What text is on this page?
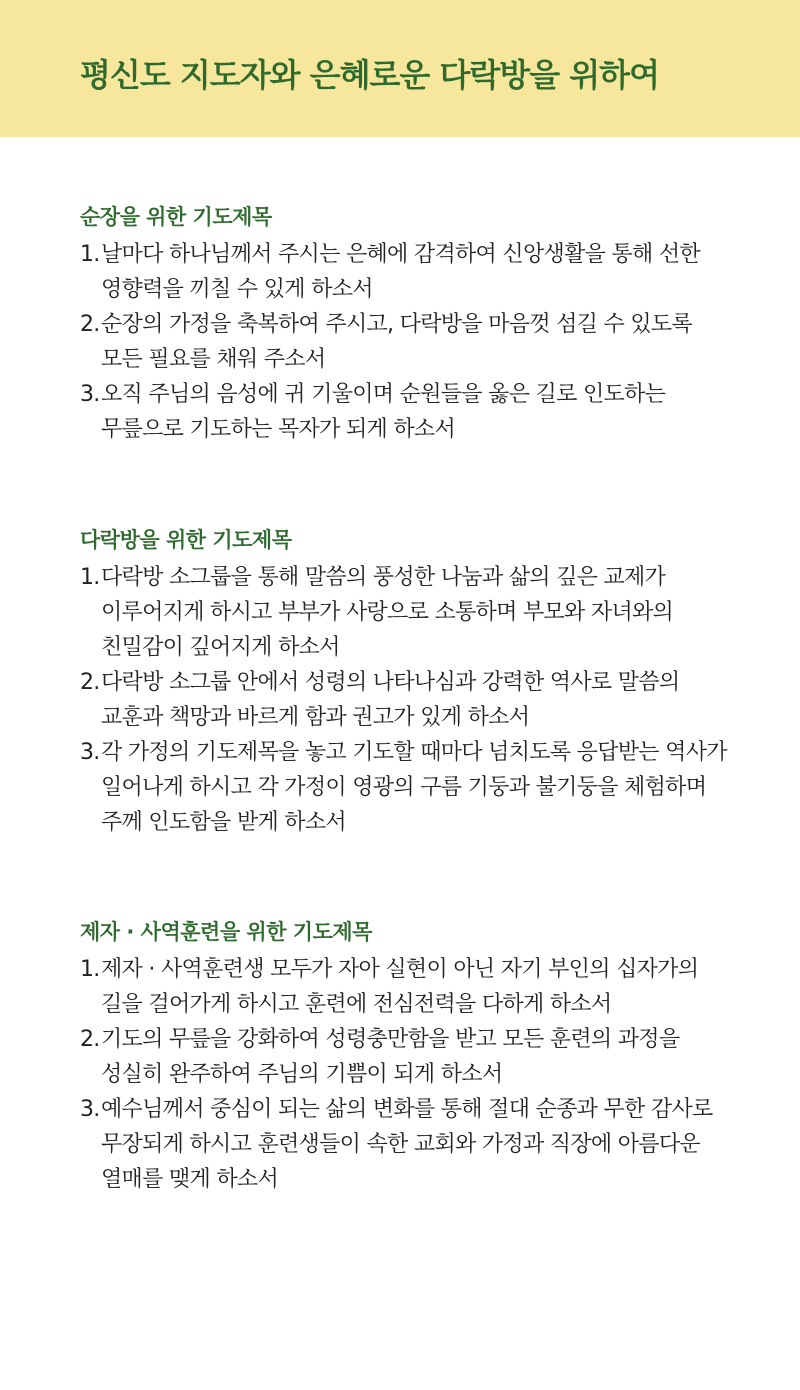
평신도 지도자와 은혜로운 다락방을 위하여
순장을 위한 기도제목
1. 날마다 하나님께서 주시는 은혜에 감격하여 신앙생활을 통해 선한 영향력을 끼칠 수 있게 하소서
2. 순장의 가정을 축복하여 주시고, 다락방을 마음껏 섬길 수 있도록 모든 필요를 채워 주소서
3. 오직 주님의 음성에 귀 기울이며 순원들을 옳은 길로 인도하는 무릎으로 기도하는 목자가 되게 하소서
다락방을 위한 기도제목
1. 다락방 소그룹을 통해 말씀의 풍성한 나눔과 삶의 깊은 교제가 이루어지게 하시고 부부가 사랑으로 소통하며 부모와 자녀와의 친밀감이 깊어지게 하소서
2. 다락방 소그룹 안에서 성령의 나타나심과 강력한 역사로 말씀의 교훈과 책망과 바르게 함과 권고가 있게 하소서
3. 각 가정의 기도제목을 놓고 기도할 때마다 넘치도록 응답받는 역사가 일어나게 하시고 각 가정이 영광의 구름 기둥과 불기둥을 체험하며 주께 인도함을 받게 하소서
제자 · 사역훈련을 위한 기도제목
1. 제자 · 사역훈련생 모두가 자아 실현이 아닌 자기 부인의 십자가의 길을 걸어가게 하시고 훈련에 전심전력을 다하게 하소서
2. 기도의 무릎을 강화하여 성령충만함을 받고 모든 훈련의 과정을 성실히 완주하여 주님의 기쁨이 되게 하소서
3. 예수님께서 중심이 되는 삶의 변화를 통해 절대 순종과 무한 감사로 무장되게 하시고 훈련생들이 속한 교회와 가정과 직장에 아름다운 열매를 맺게 하소서
